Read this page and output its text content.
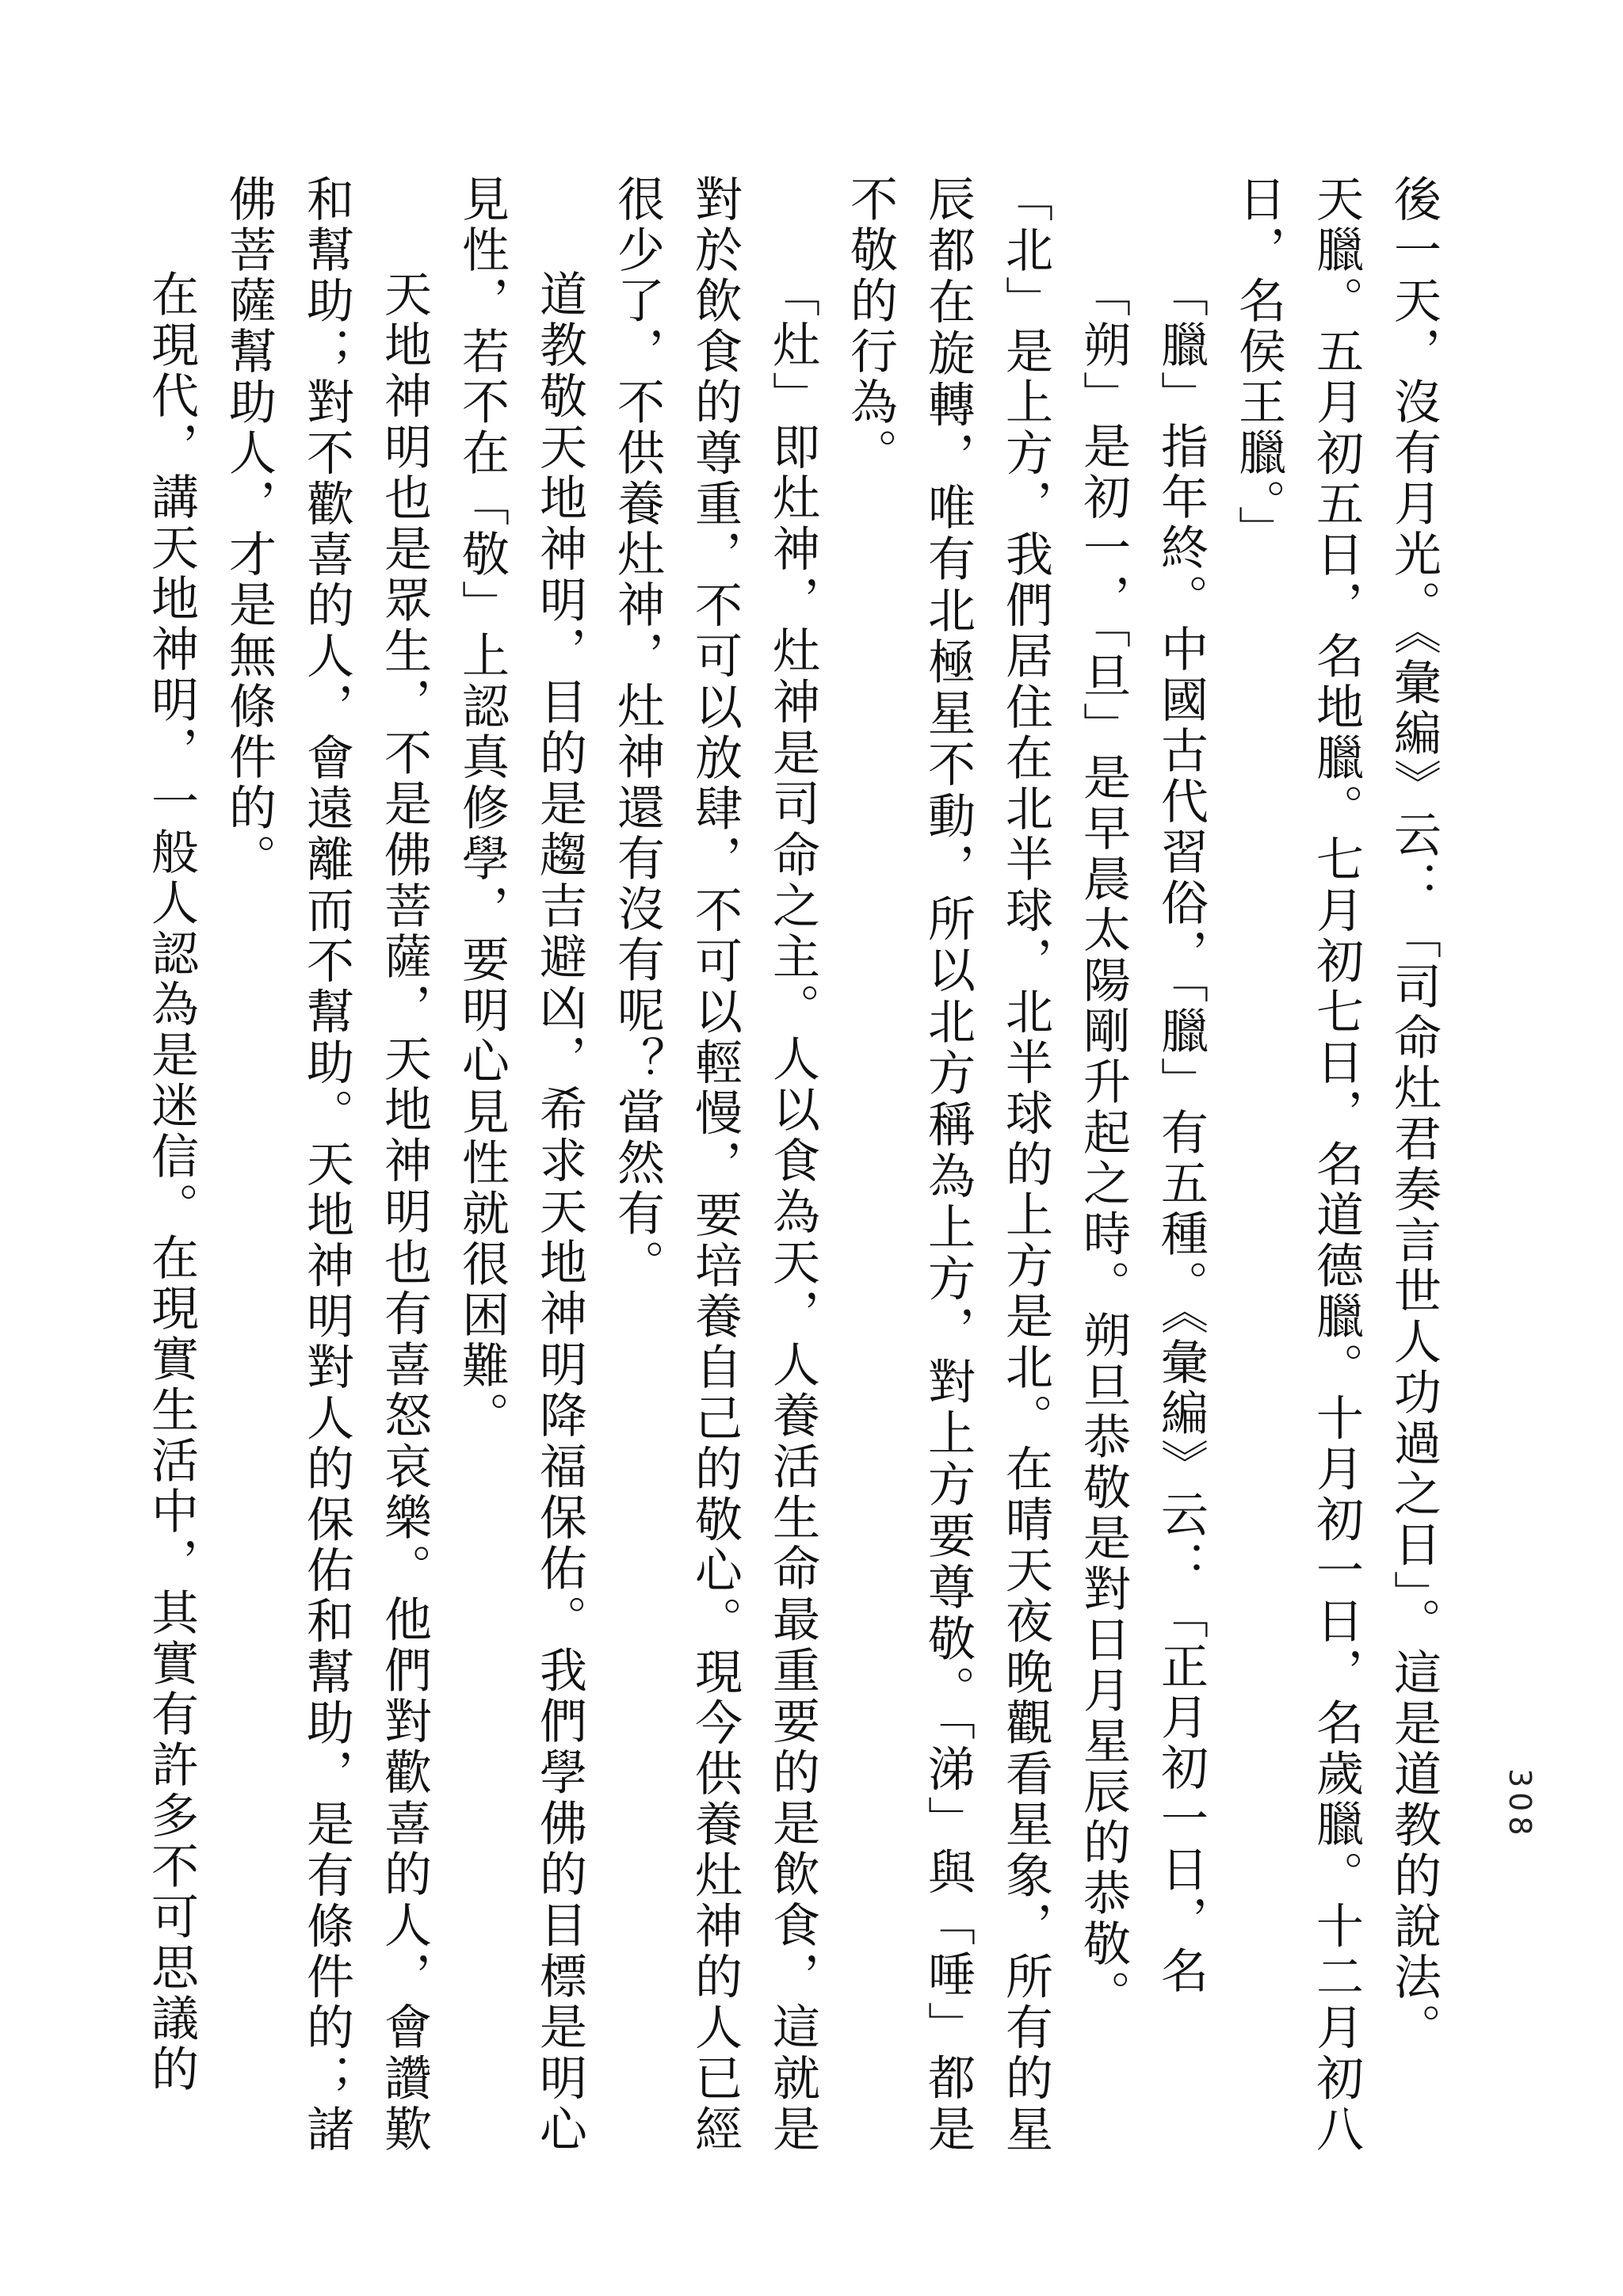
308

後一天，沒有月光。《彙編》云：「司命灶君奏言世人功過之日」。這是道教的說法。

天臘。五月初五日，名地臘。七月初七日，名道德臘。十月初一日，名歲臘。十二月初八日，名侯王臘。」

「臘」指年終。中國古代習俗，「臘」有五種。《彙編》云：「正月初一日，名

「朔」是初一，「旦」是早晨太陽剛升起之時。朔旦恭敬是對日月星辰的恭敬。

「北」是上方，我們居住在北半球，北半球的上方是北。在晴天夜晚觀看星象，所有的星辰都在旋轉，唯有北極星不動，所以北方稱為上方，對上方要尊敬。「涕」與「唾」都是不敬的行為。

「灶」即灶神，灶神是司命之主。人以食為天，人養活生命最重要的是飲食，這就是對於飲食的尊重，不可以放肆，不可以輕慢，要培養自己的敬心。現今供養灶神的人已經很少了，不供養灶神，灶神還有沒有呢？當然有。

道教敬天地神明，目的是趨吉避凶，希求天地神明降福保佑。我們學佛的目標是明心見性，若不在「敬」上認真修學，要明心見性就很困難。

天地神明也是眾生，不是佛菩薩，天地神明也有喜怒哀樂。他們對歡喜的人，會讚歎和幫助；對不歡喜的人，會遠離而不幫助。天地神明對人的保佑和幫助，是有條件的；諸佛菩薩幫助人，才是無條件的。

在現代，講天地神明，一般人認為是迷信。在現實生活中，其實有許多不可思議的
